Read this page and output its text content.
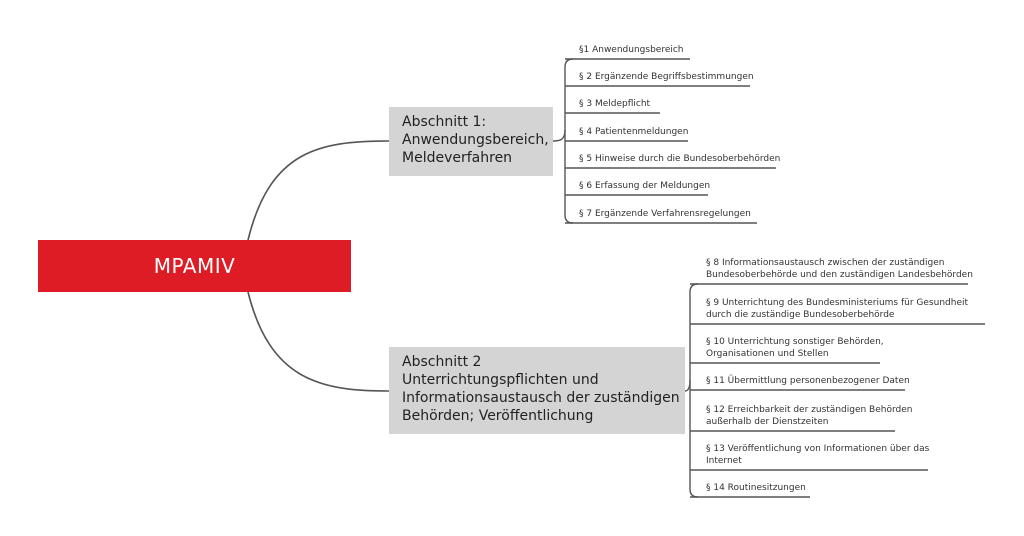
MPAMIV
Abschnitt 1:
Anwendungsbereich,
Meldeverfahren
Abschnitt 2
Unterrichtungspflichten und
Informationsaustausch der zuständigen
Behörden; Veröffentlichung
§1 Anwendungsbereich
§ 2 Ergänzende Begriffsbestimmungen
§ 3 Meldepflicht
§ 4 Patientenmeldungen
§ 5 Hinweise durch die Bundesoberbehörden
§ 6 Erfassung der Meldungen
§ 7 Ergänzende Verfahrensregelungen
§ 8 Informationsaustausch zwischen der zuständigen
Bundesoberbehörde und den zuständigen Landesbehörden
§ 9 Unterrichtung des Bundesministeriums für Gesundheit
durch die zuständige Bundesoberbehörde
§ 10 Unterrichtung sonstiger Behörden,
Organisationen und Stellen
§ 11 Übermittlung personenbezogener Daten
§ 12 Erreichbarkeit der zuständigen Behörden
außerhalb der Dienstzeiten
§ 13 Veröffentlichung von Informationen über das
Internet
§ 14 Routinesitzungen
